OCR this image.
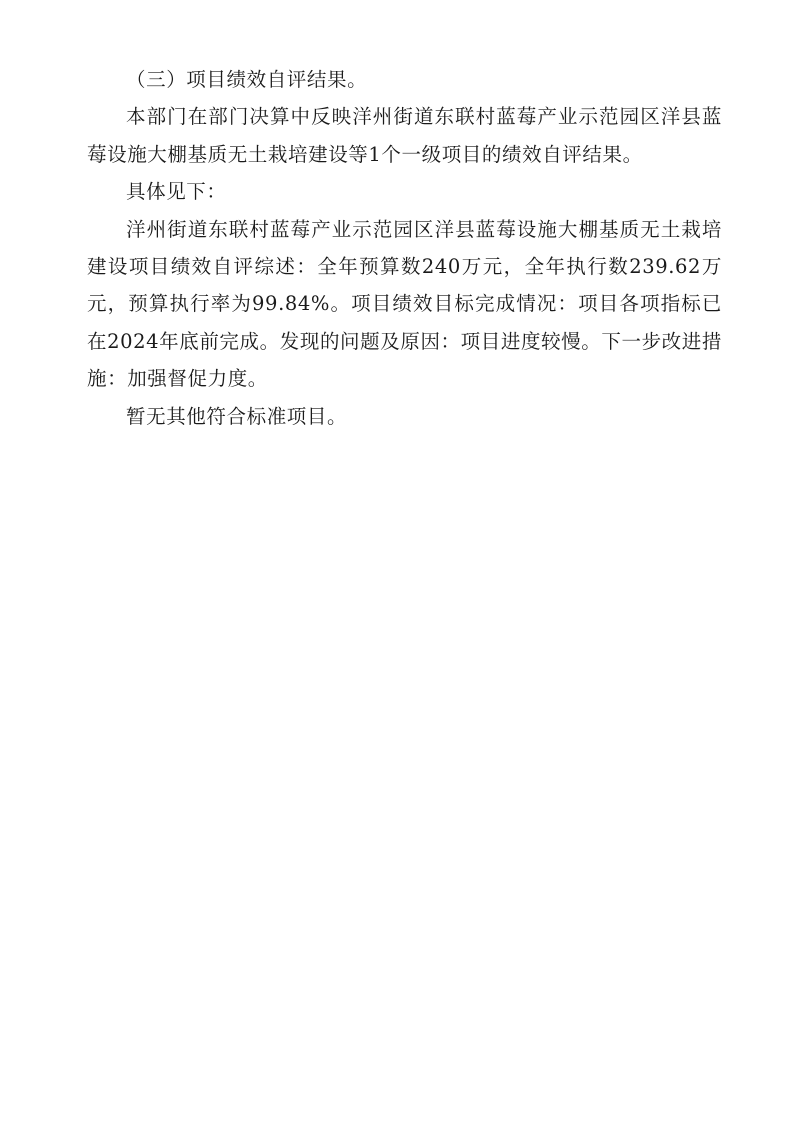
（三）项目绩效自评结果。

本部门在部门决算中反映洋州街道东联村蓝莓产业示范园区洋县蓝莓设施大棚基质无土栽培建设等1个一级项目的绩效自评结果。

具体见下：

洋州街道东联村蓝莓产业示范园区洋县蓝莓设施大棚基质无土栽培建设项目绩效自评综述：全年预算数240万元，全年执行数239.62万元，预算执行率为99.84%。项目绩效目标完成情况：项目各项指标已在2024年底前完成。发现的问题及原因：项目进度较慢。下一步改进措施：加强督促力度。

暂无其他符合标准项目。
